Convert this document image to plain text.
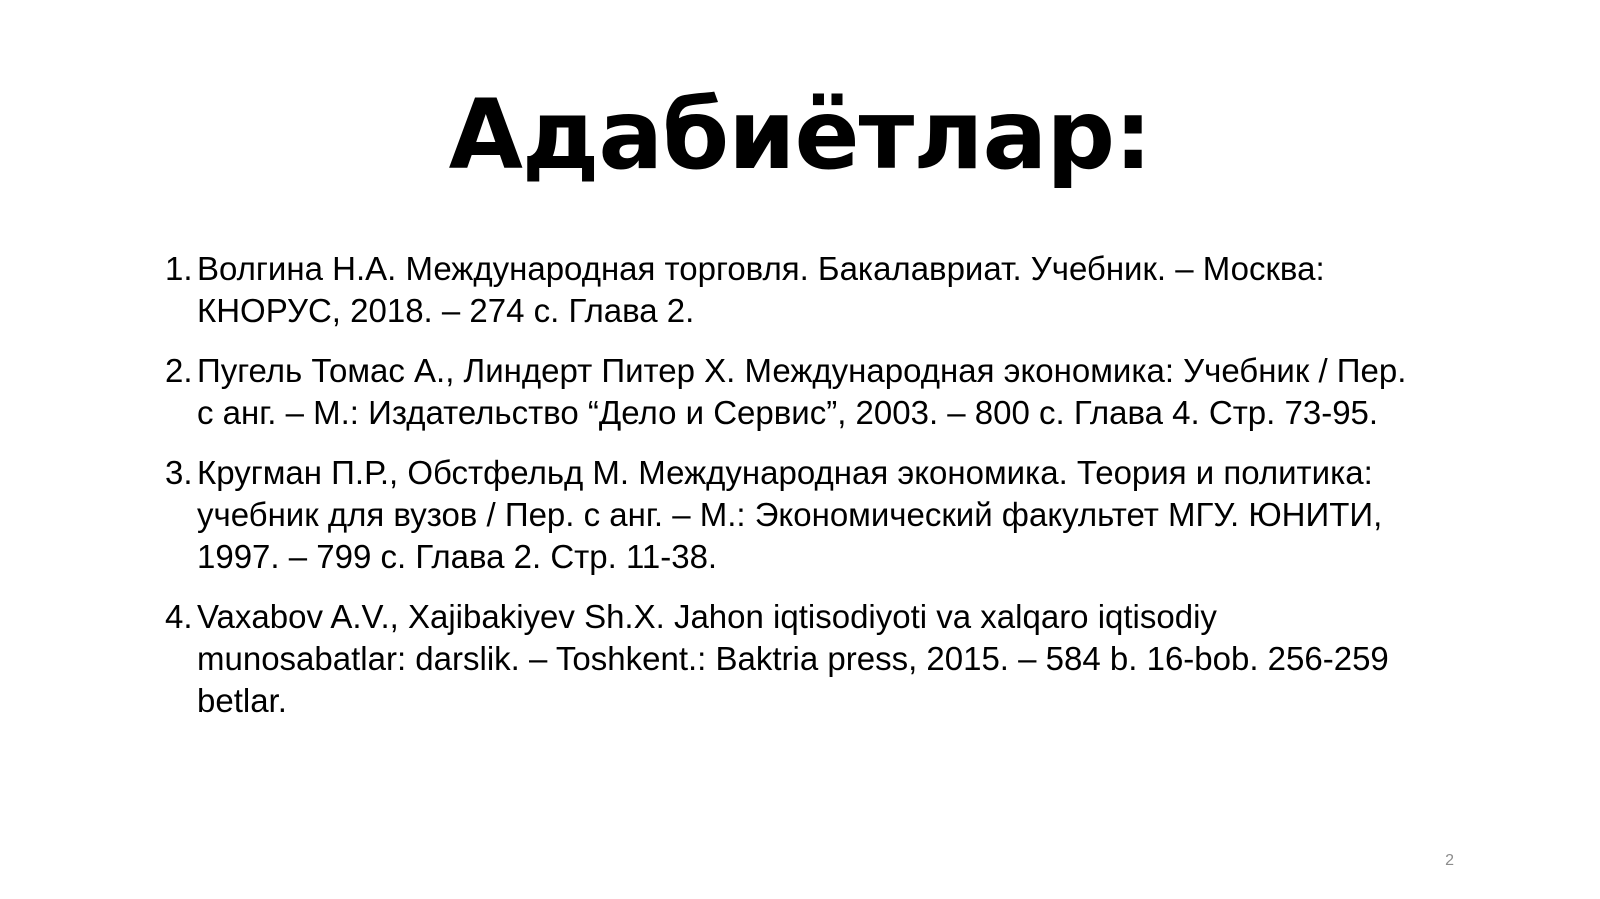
Адабиётлар:
1. Волгина Н.А. Международная торговля. Бакалавриат. Учебник. – Москва: КНОРУС, 2018. – 274 с. Глава 2.
2. Пугель Томас А., Линдерт Питер Х. Международная экономика: Учебник / Пер. с анг. – М.: Издательство “Дело и Сервис”, 2003. – 800 с. Глава 4. Стр. 73-95.
3. Кругман П.Р., Обстфельд М. Международная экономика. Теория и политика: учебник для вузов / Пер. с анг. – М.: Экономический факультет МГУ. ЮНИТИ, 1997. – 799 с. Глава 2. Стр. 11-38.
4. Vaxabov A.V., Xajibakiyev Sh.X. Jahon iqtisodiyoti va xalqaro iqtisodiy munosabatlar: darslik. – Toshkent.: Baktria press, 2015. – 584 b. 16-bob. 256-259 betlar.
2
